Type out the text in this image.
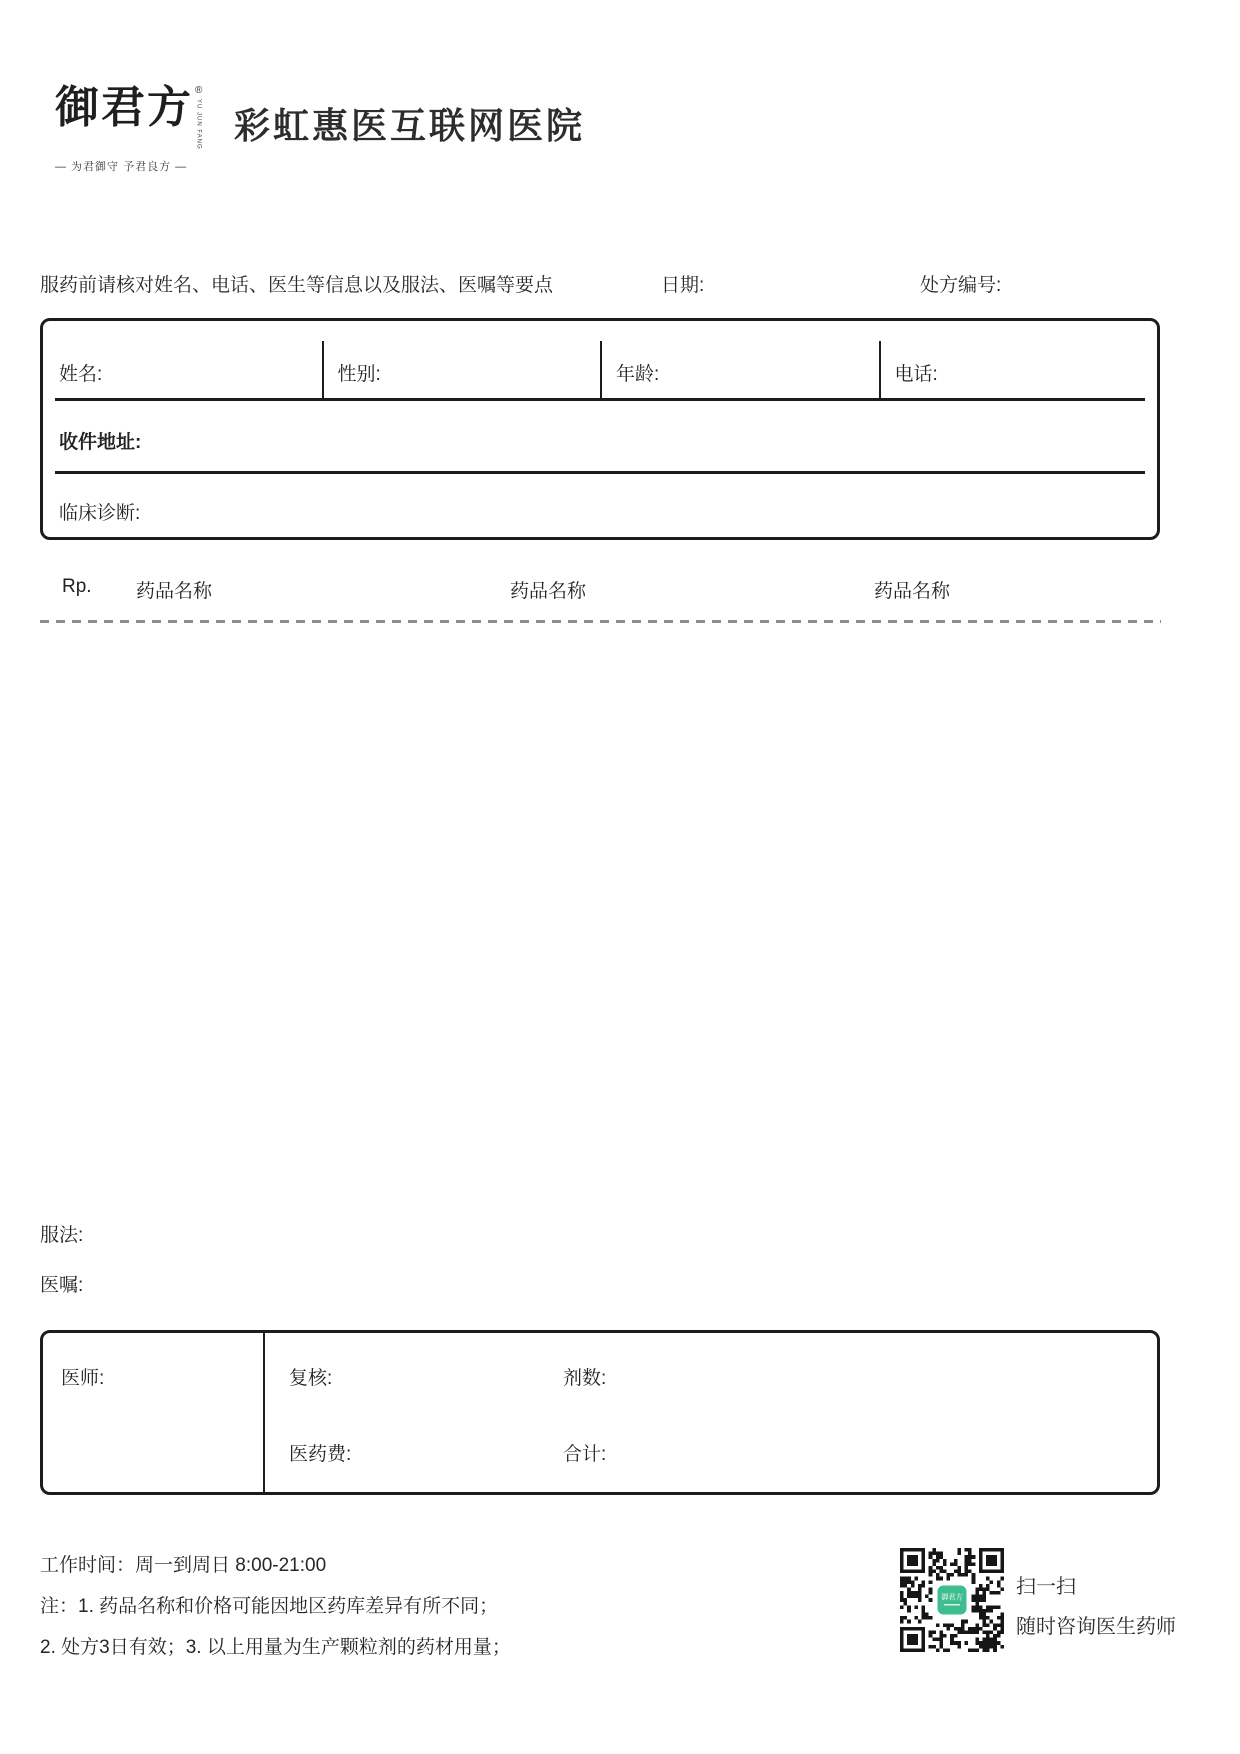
御君方 ®
YU JUN FANG
— 为君御守 予君良方 —
彩虹惠医互联网医院
服药前请核对姓名、电话、医生等信息以及服法、医嘱等要点	日期:	处方编号:
姓名:	性别:	年龄:	电话:
收件地址:
临床诊断:
Rp. 药品名称	药品名称	药品名称
服法:
医嘱:
医师:	复核:	剂数:
医药费:	合计:
工作时间：周一到周日 8:00-21:00
注：1. 药品名称和价格可能因地区药库差异有所不同；
2. 处方3日有效；3. 以上用量为生产颗粒剂的药材用量；
御君方	扫一扫
随时咨询医生药师
